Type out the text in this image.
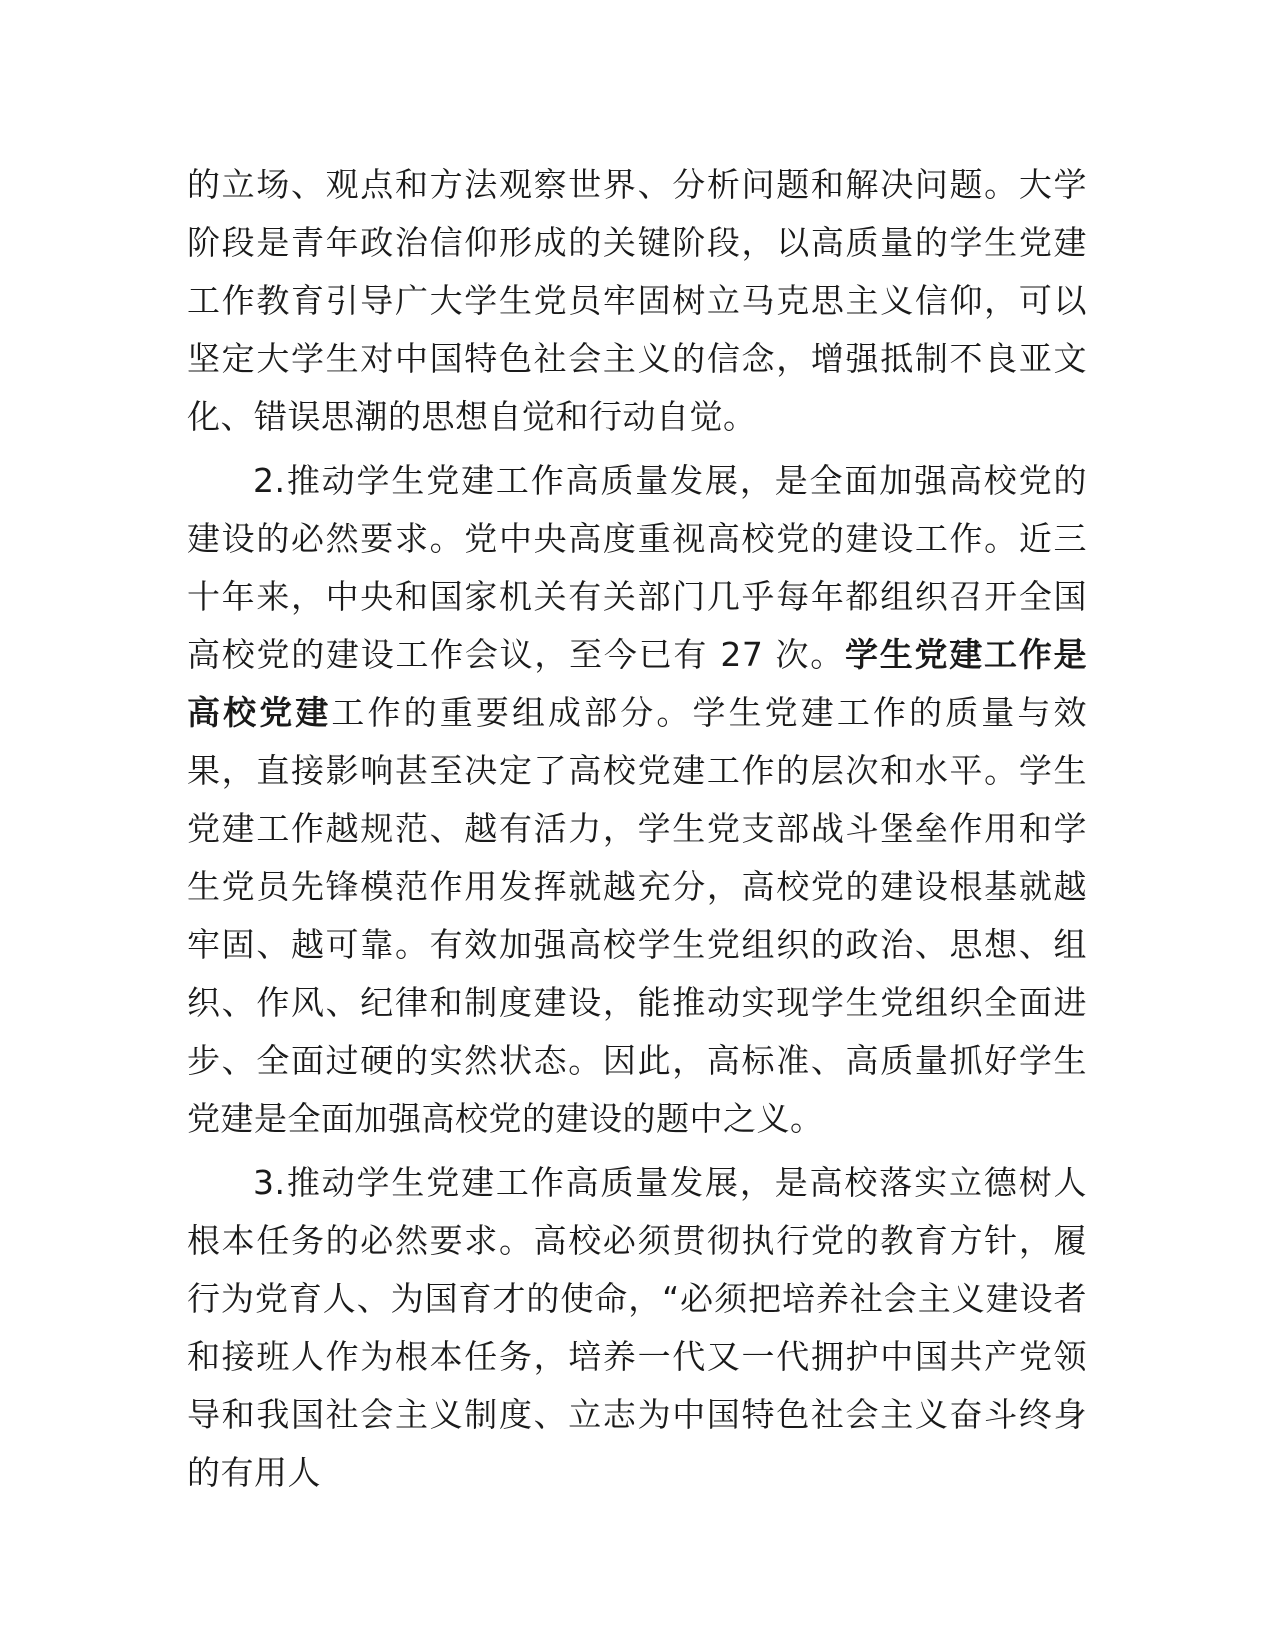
的立场、观点和方法观察世界、分析问题和解决问题。大学阶段是青年政治信仰形成的关键阶段，以高质量的学生党建工作教育引导广大学生党员牢固树立马克思主义信仰，可以坚定大学生对中国特色社会主义的信念，增强抵制不良亚文化、错误思潮的思想自觉和行动自觉。

2.推动学生党建工作高质量发展，是全面加强高校党的建设的必然要求。党中央高度重视高校党的建设工作。近三十年来，中央和国家机关有关部门几乎每年都组织召开全国高校党的建设工作会议，至今已有 27 次。学生党建工作是高校党建工作的重要组成部分。学生党建工作的质量与效果，直接影响甚至决定了高校党建工作的层次和水平。学生党建工作越规范、越有活力，学生党支部战斗堡垒作用和学生党员先锋模范作用发挥就越充分，高校党的建设根基就越牢固、越可靠。有效加强高校学生党组织的政治、思想、组织、作风、纪律和制度建设，能推动实现学生党组织全面进步、全面过硬的实然状态。因此，高标准、高质量抓好学生党建是全面加强高校党的建设的题中之义。

3.推动学生党建工作高质量发展，是高校落实立德树人根本任务的必然要求。高校必须贯彻执行党的教育方针，履行为党育人、为国育才的使命，“必须把培养社会主义建设者和接班人作为根本任务，培养一代又一代拥护中国共产党领导和我国社会主义制度、立志为中国特色社会主义奋斗终身的有用人
